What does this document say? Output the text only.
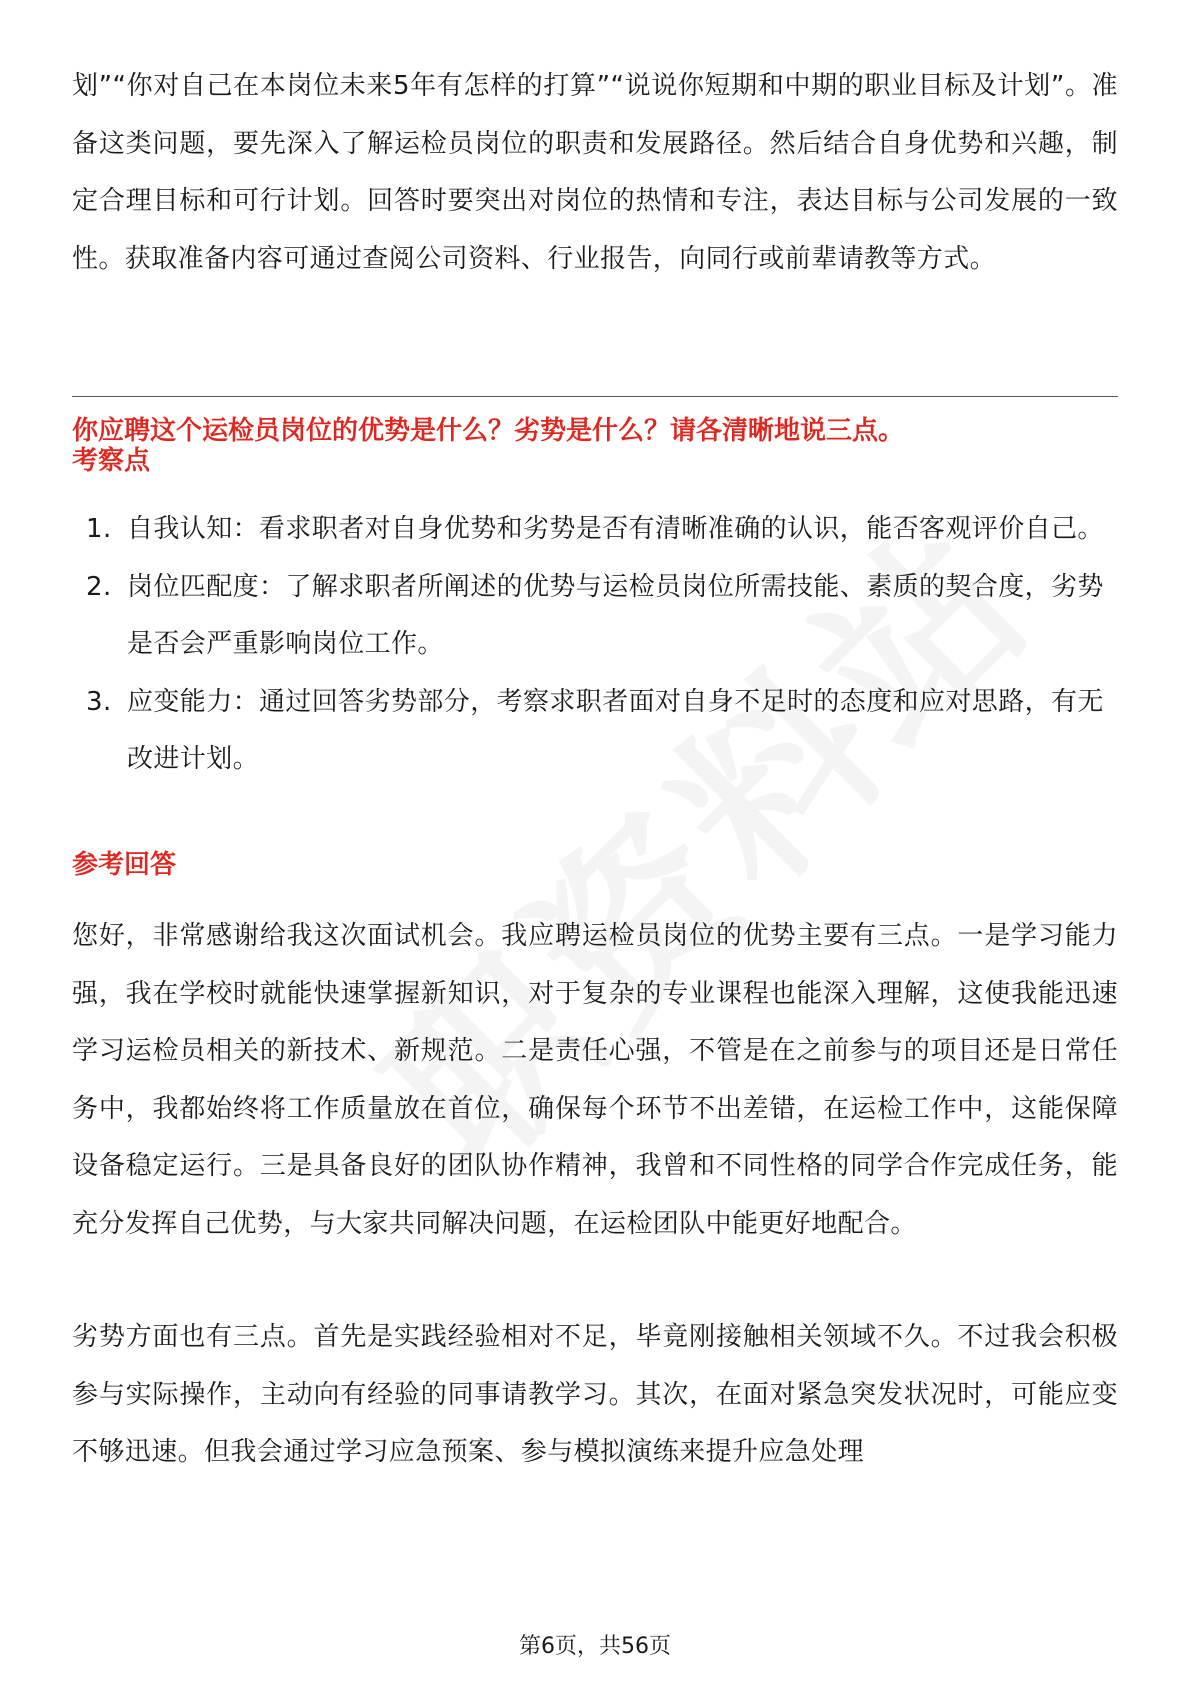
划”“你对自己在本岗位未来5年有怎样的打算”“说说你短期和中期的职业目标及计划”。准备这类问题，要先深入了解运检员岗位的职责和发展路径。然后结合自身优势和兴趣，制定合理目标和可行计划。回答时要突出对岗位的热情和专注，表达目标与公司发展的一致性。获取准备内容可通过查阅公司资料、行业报告，向同行或前辈请教等方式。

你应聘这个运检员岗位的优势是什么？劣势是什么？请各清晰地说三点。

考察点

1. 自我认知：看求职者对自身优势和劣势是否有清晰准确的认识，能否客观评价自己。
2. 岗位匹配度：了解求职者所阐述的优势与运检员岗位所需技能、素质的契合度，劣势是否会严重影响岗位工作。
3. 应变能力：通过回答劣势部分，考察求职者面对自身不足时的态度和应对思路，有无改进计划。

参考回答

您好，非常感谢给我这次面试机会。我应聘运检员岗位的优势主要有三点。一是学习能力强，我在学校时就能快速掌握新知识，对于复杂的专业课程也能深入理解，这使我能迅速学习运检员相关的新技术、新规范。二是责任心强，不管是在之前参与的项目还是日常任务中，我都始终将工作质量放在首位，确保每个环节不出差错，在运检工作中，这能保障设备稳定运行。三是具备良好的团队协作精神，我曾和不同性格的同学合作完成任务，能充分发挥自己优势，与大家共同解决问题，在运检团队中能更好地配合。

劣势方面也有三点。首先是实践经验相对不足，毕竟刚接触相关领域不久。不过我会积极参与实际操作，主动向有经验的同事请教学习。其次，在面对紧急突发状况时，可能应变不够迅速。但我会通过学习应急预案、参与模拟演练来提升应急处理

第6页，共56页
